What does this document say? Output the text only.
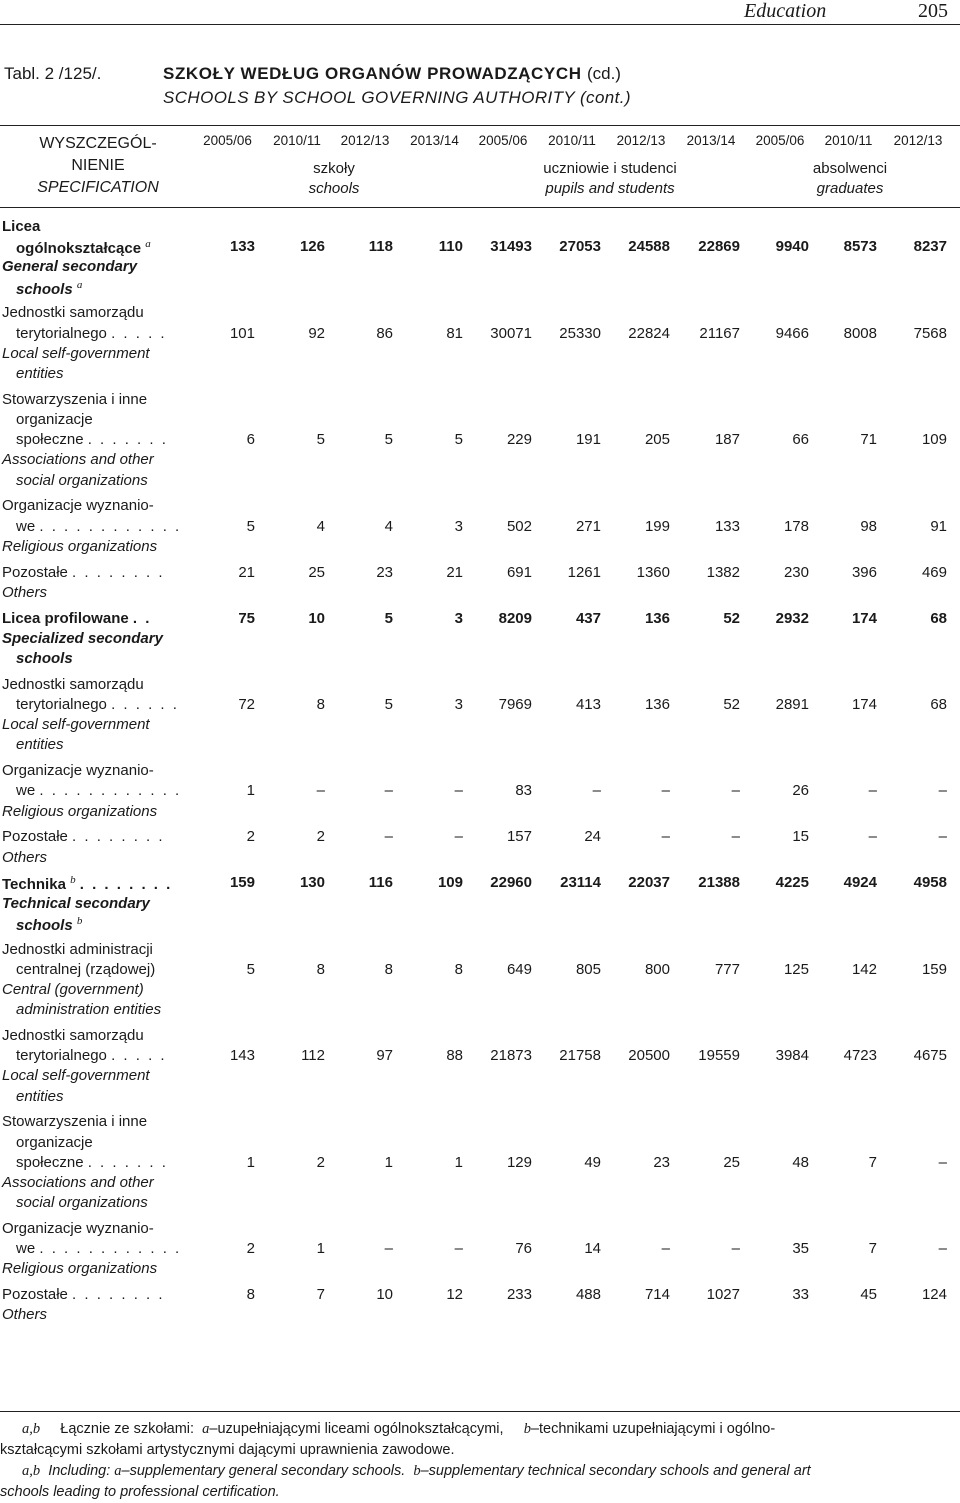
Education	205
Tabl. 2 /125/.	SZKOŁY WEDŁUG ORGANÓW PROWADZĄCYCH (cd.)
SCHOOLS BY SCHOOL GOVERNING AUTHORITY (cont.)
WYSZCZEGÓL-
NIENIE
SPECIFICATION
2005/06	2010/11	2012/13	2013/14	2005/06	2010/11	2012/13	2013/14	2005/06	2010/11	2012/13
szkoły
schools
uczniowie i studenci
pupils and students
absolwenci
graduates
Licea
ogólnokształcące $^a$	133	126	118	110	31493	27053	24588	22869	9940	8573	8237
General secondary
schools $^a$
Jednostki samorządu
terytorialnego . . . . .	101	92	86	81	30071	25330	22824	21167	9466	8008	7568
Local self-government
entities
Stowarzyszenia i inne
organizacje
społeczne . . . . . . .	6	5	5	5	229	191	205	187	66	71	109
Associations and other
social organizations
Organizacje wyznanio-
we . . . . . . . . . . . .	5	4	4	3	502	271	199	133	178	98	91
Religious organizations
Pozostałe . . . . . . . .	21	25	23	21	691	1261	1360	1382	230	396	469
Others
Licea profilowane . .	75	10	5	3	8209	437	136	52	2932	174	68
Specialized secondary
schools
Jednostki samorządu
terytorialnego . . . . . .	72	8	5	3	7969	413	136	52	2891	174	68
Local self-government
entities
Organizacje wyznanio-
we . . . . . . . . . . . .	1	–	–	–	83	–	–	–	26	–	–
Religious organizations
Pozostałe . . . . . . . .	2	2	–	–	157	24	–	–	15	–	–
Others
Technika $^b$ . . . . . . . .	159	130	116	109	22960	23114	22037	21388	4225	4924	4958
Technical secondary
schools $^b$
Jednostki administracji
centralnej (rządowej)	5	8	8	8	649	805	800	777	125	142	159
Central (government)
administration entities
Jednostki samorządu
terytorialnego . . . . .	143	112	97	88	21873	21758	20500	19559	3984	4723	4675
Local self-government
entities
Stowarzyszenia i inne
organizacje
społeczne . . . . . . .	1	2	1	1	129	49	23	25	48	7	–
Associations and other
social organizations
Organizacje wyznanio-
we . . . . . . . . . . . .	2	1	–	–	76	14	–	–	35	7	–
Religious organizations
Pozostałe . . . . . . . .	8	7	10	12	233	488	714	1027	33	45	124
Others
a,b Łącznie ze szkołami: a–uzupełniającymi liceami ogólnokształcącymi, b–technikami uzupełniającymi i ogólno-
kształcącymi szkołami artystycznymi dającymi uprawnienia zawodowe.
a,b Including: a–supplementary general secondary schools. b–supplementary technical secondary schools and general art
schools leading to professional certification.
